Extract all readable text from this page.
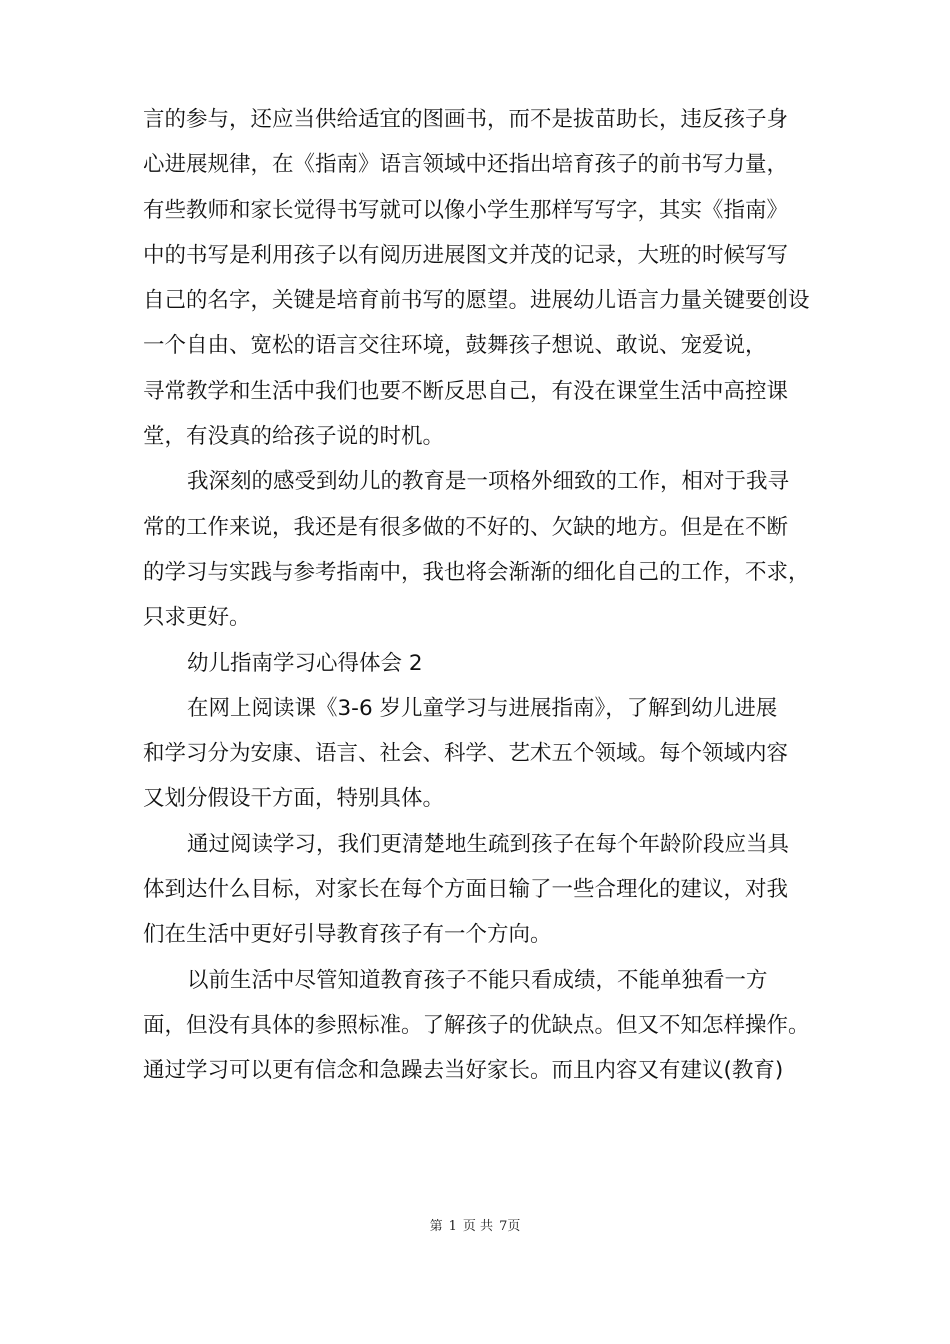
言的参与，还应当供给适宜的图画书，而不是拔苗助长，违反孩子身
心进展规律，在《指南》语言领域中还指出培育孩子的前书写力量，
有些教师和家长觉得书写就可以像小学生那样写写字，其实《指南》
中的书写是利用孩子以有阅历进展图文并茂的记录，大班的时候写写
自己的名字，关键是培育前书写的愿望。进展幼儿语言力量关键要创设
一个自由、宽松的语言交往环境，鼓舞孩子想说、敢说、宠爱说，
寻常教学和生活中我们也要不断反思自己，有没在课堂生活中高控课
堂，有没真的给孩子说的时机。
我深刻的感受到幼儿的教育是一项格外细致的工作，相对于我寻
常的工作来说，我还是有很多做的不好的、欠缺的地方。但是在不断
的学习与实践与参考指南中，我也将会渐渐的细化自己的工作，不求，
只求更好。
幼儿指南学习心得体会 2
在网上阅读课《3-6 岁儿童学习与进展指南》，了解到幼儿进展
和学习分为安康、语言、社会、科学、艺术五个领域。每个领域内容
又划分假设干方面，特别具体。
通过阅读学习，我们更清楚地生疏到孩子在每个年龄阶段应当具
体到达什么目标，对家长在每个方面日输了一些合理化的建议，对我
们在生活中更好引导教育孩子有一个方向。
以前生活中尽管知道教育孩子不能只看成绩，不能单独看一方
面，但没有具体的参照标准。了解孩子的优缺点。但又不知怎样操作。
通过学习可以更有信念和急躁去当好家长。而且内容又有建议(教育)
第 1 页 共 7页
